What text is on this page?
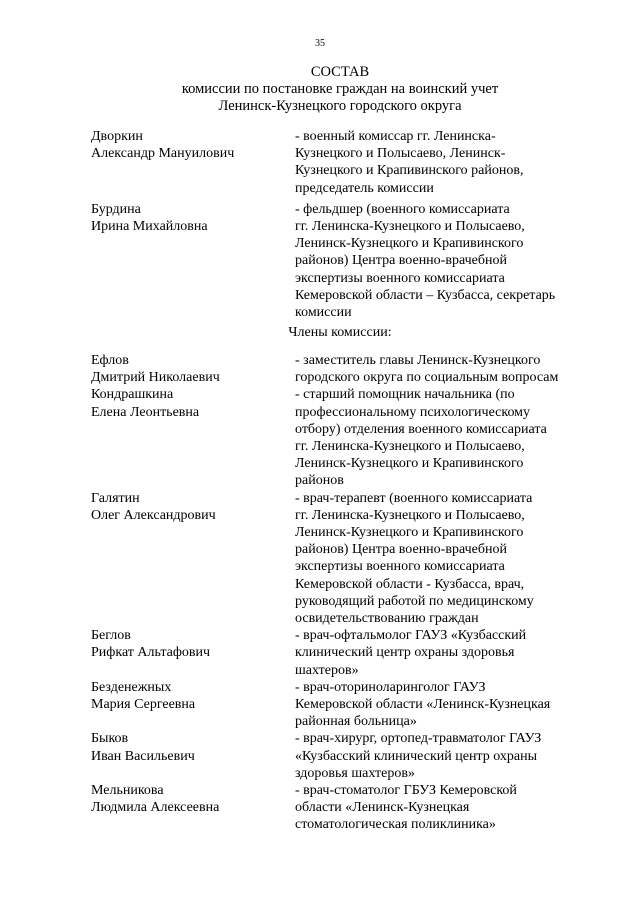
35
СОСТАВ
комиссии по постановке граждан на воинский учет
Ленинск-Кузнецкого городского округа
Дворкин
Александр Мануилович
- военный комиссар гг. Ленинска-
Кузнецкого и Полысаево, Ленинск-
Кузнецкого и Крапивинского районов,
председатель комиссии
Бурдина
Ирина Михайловна
- фельдшер (военного комиссариата
гг. Ленинска-Кузнецкого и Полысаево,
Ленинск-Кузнецкого и Крапивинского
районов) Центра военно-врачебной
экспертизы военного комиссариата
Кемеровской области – Кузбасса, секретарь
комиссии
Члены комиссии:
Ефлов
Дмитрий Николаевич
- заместитель главы Ленинск-Кузнецкого
городского округа по социальным вопросам
Кондрашкина
Елена Леонтьевна
- старший помощник начальника (по
профессиональному психологическому
отбору) отделения военного комиссариата
гг. Ленинска-Кузнецкого и Полысаево,
Ленинск-Кузнецкого и Крапивинского
районов
Галятин
Олег Александрович
- врач-терапевт (военного комиссариата
гг. Ленинска-Кузнецкого и Полысаево,
Ленинск-Кузнецкого и Крапивинского
районов) Центра военно-врачебной
экспертизы военного комиссариата
Кемеровской области - Кузбасса, врач,
руководящий работой по медицинскому
освидетельствованию граждан
Беглов
Рифкат Альтафович
- врач-офтальмолог ГАУЗ «Кузбасский
клинический центр охраны здоровья
шахтеров»
Безденежных
Мария Сергеевна
- врач-оториноларинголог ГАУЗ
Кемеровской области «Ленинск-Кузнецкая
районная больница»
Быков
Иван Васильевич
- врач-хирург, ортопед-травматолог ГАУЗ
«Кузбасский клинический центр охраны
здоровья шахтеров»
Мельникова
Людмила Алексеевна
- врач-стоматолог ГБУЗ Кемеровской
области «Ленинск-Кузнецкая
стоматологическая поликлиника»
